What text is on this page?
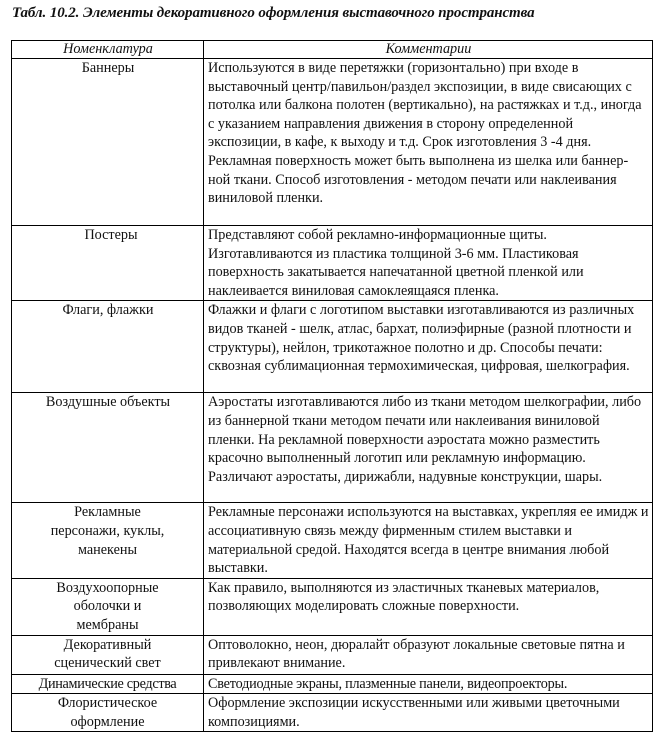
Табл. 10.2. Элементы декоративного оформления выставочного пространства
Номенклатура	Комментарии
Баннеры	Используются в виде перетяжки (горизонтально) при входе в выставочный центр/павильон/раздел экспозиции, в виде свисающих с потолка или балкона полотен (вертикально), на растяжках и т.д., иногда с указанием направления движения в сторону определенной экспозиции, в кафе, к выходу и т.д. Срок изготовления 3 -4 дня.
Рекламная поверхность может быть выполнена из шелка или баннер-ной ткани. Способ изготовления - методом печати или наклеивания виниловой пленки.

Постеры	Представляют собой рекламно-информационные щиты. Изготавливаются из пластика толщиной 3-6 мм. Пластиковая поверхность закатывается напечатанной цветной пленкой или наклеивается виниловая самоклеящаяся пленка.

Флаги, флажки	Флажки и флаги с логотипом выставки изготавливаются из различных видов тканей - шелк, атлас, бархат, полиэфирные (разной плотности и структуры), нейлон, трикотажное полотно и др. Способы печати: сквозная сублимационная термохимическая, цифровая, шелкография.

Воздушные объекты	Аэростаты изготавливаются либо из ткани методом шелкографии, либо из баннерной ткани методом печати или наклеивания виниловой пленки. На рекламной поверхности аэростата можно разместить красочно выполненный логотип или рекламную информацию. Различают аэростаты, дирижабли, надувные конструкции, шары.

Рекламные персонажи, куклы, манекены	Рекламные персонажи используются на выставках, укрепляя ее имидж и ассоциативную связь между фирменным стилем выставки и материальной средой. Находятся всегда в центре внимания любой выставки.

Воздухоопорные оболочки и мембраны	Как правило, выполняются из эластичных тканевых материалов, позволяющих моделировать сложные поверхности.

Декоративный сценический свет	Оптоволокно, неон, дюралайт образуют локальные световые пятна и привлекают внимание.

Динамические средства	Светодиодные экраны, плазменные панели, видеопроекторы.

Флористическое оформление	Оформление экспозиции искусственными или живыми цветочными композициями.
